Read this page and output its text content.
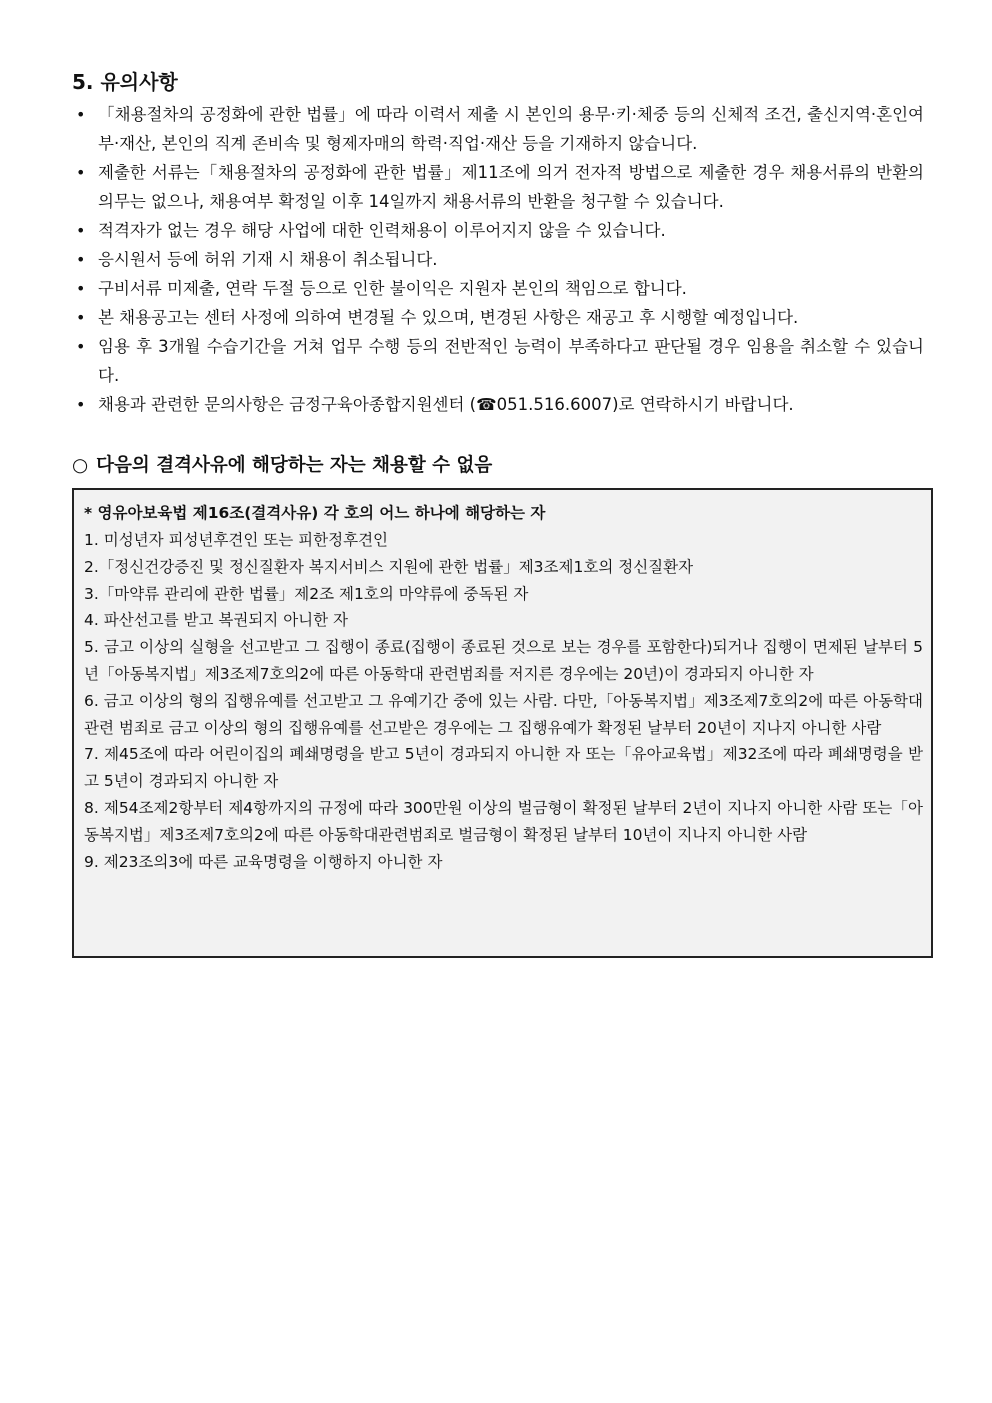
5. 유의사항
• 「채용절차의 공정화에 관한 법률」에 따라 이력서 제출 시 본인의 용무·키·체중 등의 신체적 조건, 출신지역·혼인여부·재산, 본인의 직계 존비속 및 형제자매의 학력·직업·재산 등을 기재하지 않습니다.
• 제출한 서류는「채용절차의 공정화에 관한 법률」제11조에 의거 전자적 방법으로 제출한 경우 채용서류의 반환의 의무는 없으나, 채용여부 확정일 이후 14일까지 채용서류의 반환을 청구할 수 있습니다.
• 적격자가 없는 경우 해당 사업에 대한 인력채용이 이루어지지 않을 수 있습니다.
• 응시원서 등에 허위 기재 시 채용이 취소됩니다.
• 구비서류 미제출, 연락 두절 등으로 인한 불이익은 지원자 본인의 책임으로 합니다.
• 본 채용공고는 센터 사정에 의하여 변경될 수 있으며, 변경된 사항은 재공고 후 시행할 예정입니다.
• 임용 후 3개월 수습기간을 거쳐 업무 수행 등의 전반적인 능력이 부족하다고 판단될 경우 임용을 취소할 수 있습니다.
• 채용과 관련한 문의사항은 금정구육아종합지원센터 (☎051.516.6007)로 연락하시기 바랍니다.
○ 다음의 결격사유에 해당하는 자는 채용할 수 없음
* 영유아보육법 제16조(결격사유) 각 호의 어느 하나에 해당하는 자
1. 미성년자 피성년후견인 또는 피한정후견인
2.「정신건강증진 및 정신질환자 복지서비스 지원에 관한 법률」제3조제1호의 정신질환자
3.「마약류 관리에 관한 법률」제2조 제1호의 마약류에 중독된 자
4. 파산선고를 받고 복권되지 아니한 자
5. 금고 이상의 실형을 선고받고 그 집행이 종료(집행이 종료된 것으로 보는 경우를 포함한다)되거나 집행이 면제된 날부터 5년「아동복지법」제3조제7호의2에 따른 아동학대 관련범죄를 저지른 경우에는 20년)이 경과되지 아니한 자
6. 금고 이상의 형의 집행유예를 선고받고 그 유예기간 중에 있는 사람. 다만,「아동복지법」제3조제7호의2에 따른 아동학대 관련 범죄로 금고 이상의 형의 집행유예를 선고받은 경우에는 그 집행유예가 확정된 날부터 20년이 지나지 아니한 사람
7. 제45조에 따라 어린이집의 폐쇄명령을 받고 5년이 경과되지 아니한 자 또는「유아교육법」제32조에 따라 폐쇄명령을 받고 5년이 경과되지 아니한 자
8. 제54조제2항부터 제4항까지의 규정에 따라 300만원 이상의 벌금형이 확정된 날부터 2년이 지나지 아니한 사람 또는「아동복지법」제3조제7호의2에 따른 아동학대관련범죄로 벌금형이 확정된 날부터 10년이 지나지 아니한 사람
9. 제23조의3에 따른 교육명령을 이행하지 아니한 자
